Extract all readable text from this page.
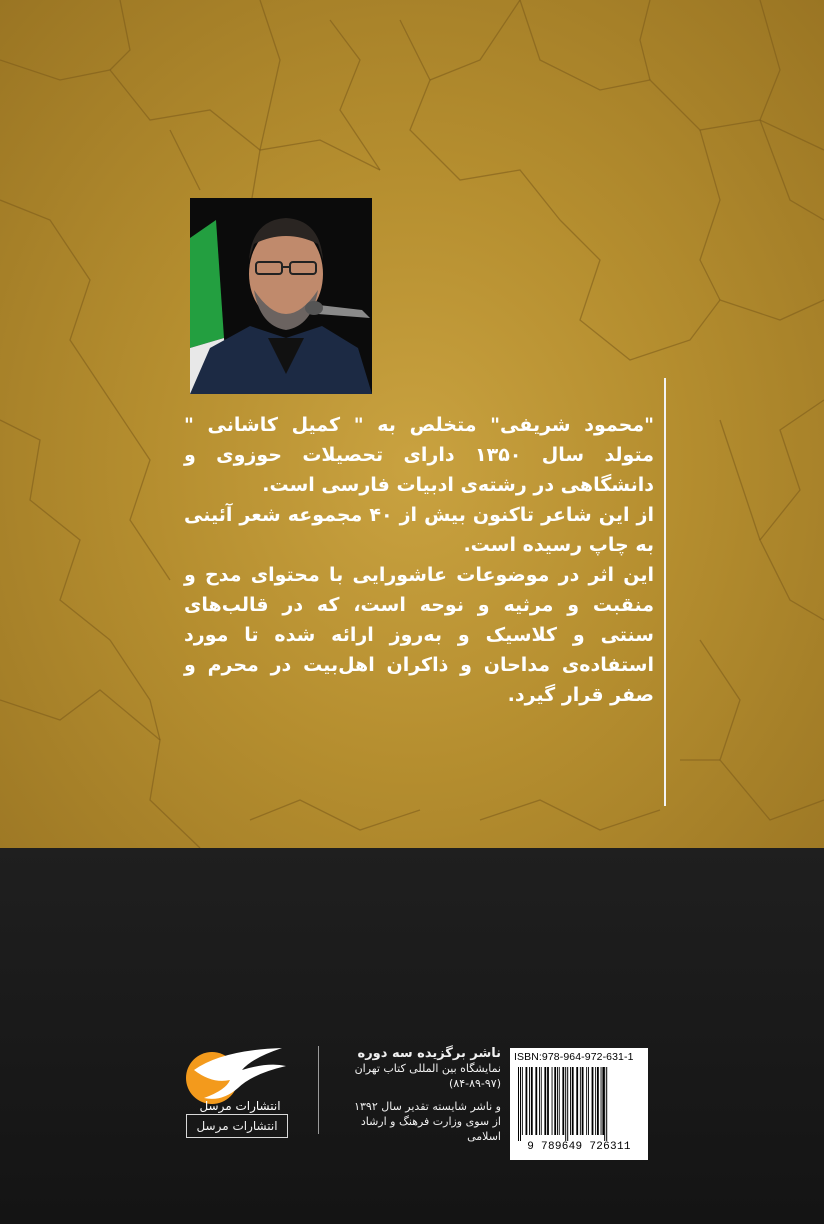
"محمود شریفی" متخلص به " کمیل کاشانی " متولد سال ۱۳۵۰ دارای تحصیلات حوزوی و دانشگاهی در رشته‌ی ادبیات فارسی است.

از این شاعر تاکنون بیش از ۴۰ مجموعه شعر آئینی به چاپ رسیده است.

این اثر در موضوعات عاشورایی با محتوای مدح و منقبت و مرثیه و نوحه است، که در قالب‌های سنتی و کلاسیک و به‌روز ارائه شده تا مورد استفاده‌ی مداحان و ذاکران اهل‌بیت در محرم و صفر قرار گیرد.

انتشارات مرسل
انتشارات مرسل
ناشر برگزیده سه دوره
نمایشگاه بین المللی کتاب تهران
(۸۴-۸۹-۹۷)
و ناشر شایسته تقدیر سال ۱۳۹۲
از سوی وزارت فرهنگ و ارشاد اسلامی
ISBN:978-964-972-631-1
9 789649 726311
